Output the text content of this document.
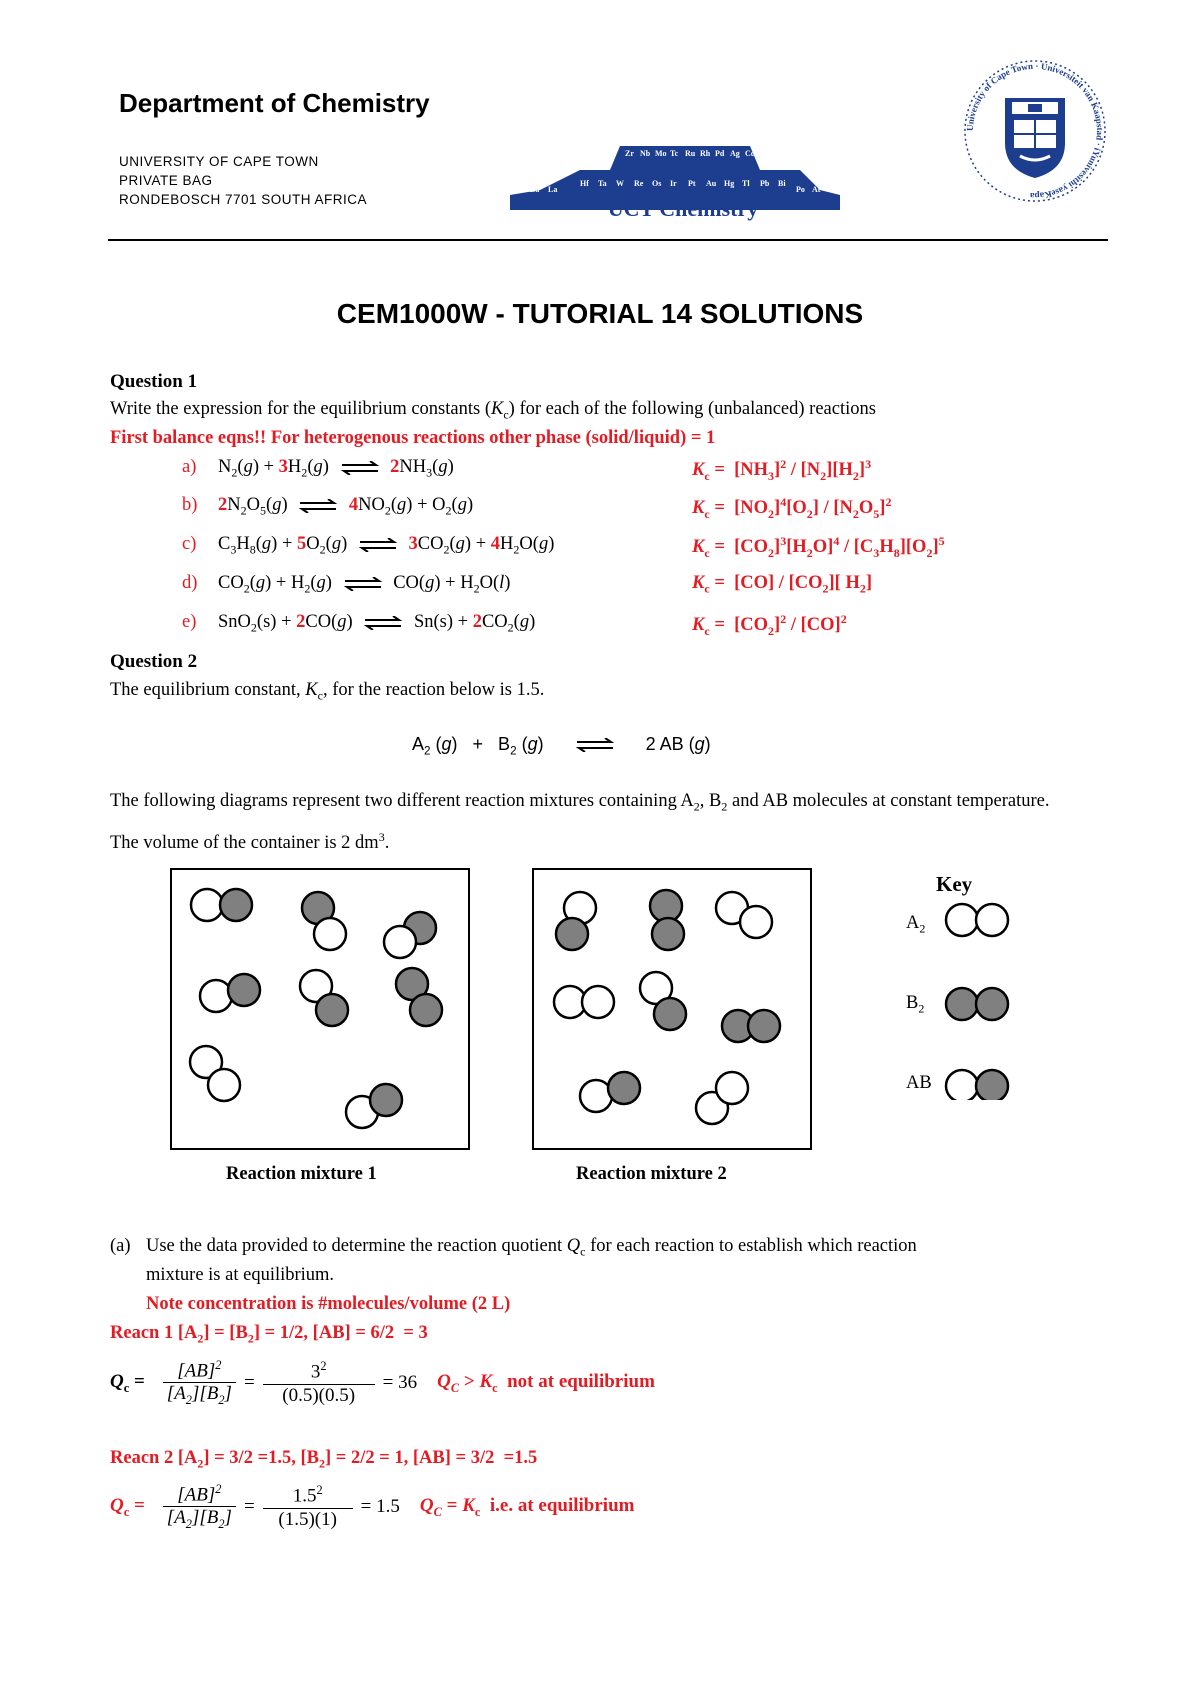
Department of Chemistry
UNIVERSITY OF CAPE TOWN
PRIVATE BAG
RONDEBOSCH 7701 SOUTH AFRICA
Zr Nb Mo Tc Ru Rh Pd Ag Cd
Cs Ba La
Hf Ta W Re Os Ir Pt Au Hg Tl Pb Bi
Po At Rn
UCT Chemistry
University of Cape Town · Universiteit van Kaapstad · iYunivesithi yaseKapa
CEM1000W - TUTORIAL 14 SOLUTIONS
Question 1
Write the expression for the equilibrium constants $(K_c)$ for each of the following (unbalanced) reactions
First balance eqns!! For heterogenous reactions other phase (solid/liquid) = 1
a) $N_2(g) + 3H_2(g)$ ⇌ $2NH_3(g)$	$K_c = [NH_3]^2 / [N_2][H_2]^3$
b) $2N_2O_5(g)$ ⇌ $4NO_2(g) + O_2(g)$	$K_c = [NO_2]^4[O_2] / [N_2O_5]^2$
c) $C_3H_8(g) + 5O_2(g)$ ⇌ $3CO_2(g) + 4H_2O(g)$	$K_c = [CO_2]^3[H_2O]^4 / [C_3H_8][O_2]^5$
d) $CO_2(g) + H_2(g)$ ⇌ $CO(g) + H_2O(l)$	$K_c = [CO] / [CO_2]$[ $H_2$]
e) SnO$_2$(s) + 2CO(g) ⇌ $Sn(s) + 2CO_2(g)$	$K_c = [CO_2]^2 / [CO]^2$
Question 2
The equilibrium constant, $K_c$, for the reaction below is 1.5.
$A_2$ $(g) + B_2$ (g) ⇌ 2 AB (g)
The following diagrams represent two different reaction mixtures containing $A_2$, $B_2$ and AB molecules at constant temperature. The volume of the container is 2 $dm^3$.
Reaction mixture 1	Reaction mixture 2
Key
$A_2$
$B_2$
AB
(a) Use the data provided to determine the reaction quotient $Q_c$ for each reaction to establish which reaction
mixture is at equilibrium.
Note concentration is #molecules/volume (2 L)
Reacn 1 $[A_2] = [B_2] = 1/2$, [AB] = 6/2  = 3
$Q_c = \frac{[AB]^2}{[A_2][B_2]} = \frac{3^2}{(0.5)(0.5)} = 36$ $Q_C > K_c$  not at equilibrium
Reacn 2 $[A_2] = 3/2 =1.5$, $[B_2] = 2/2 = 1$, [AB] = 3/2  =1.5
$Q_c = \frac{[AB]^2}{[A_2][B_2]} = \frac{1.5^2}{(1.5)(1)} = 1.5$ $Q_C = K_c$  i.e. at equilibrium
